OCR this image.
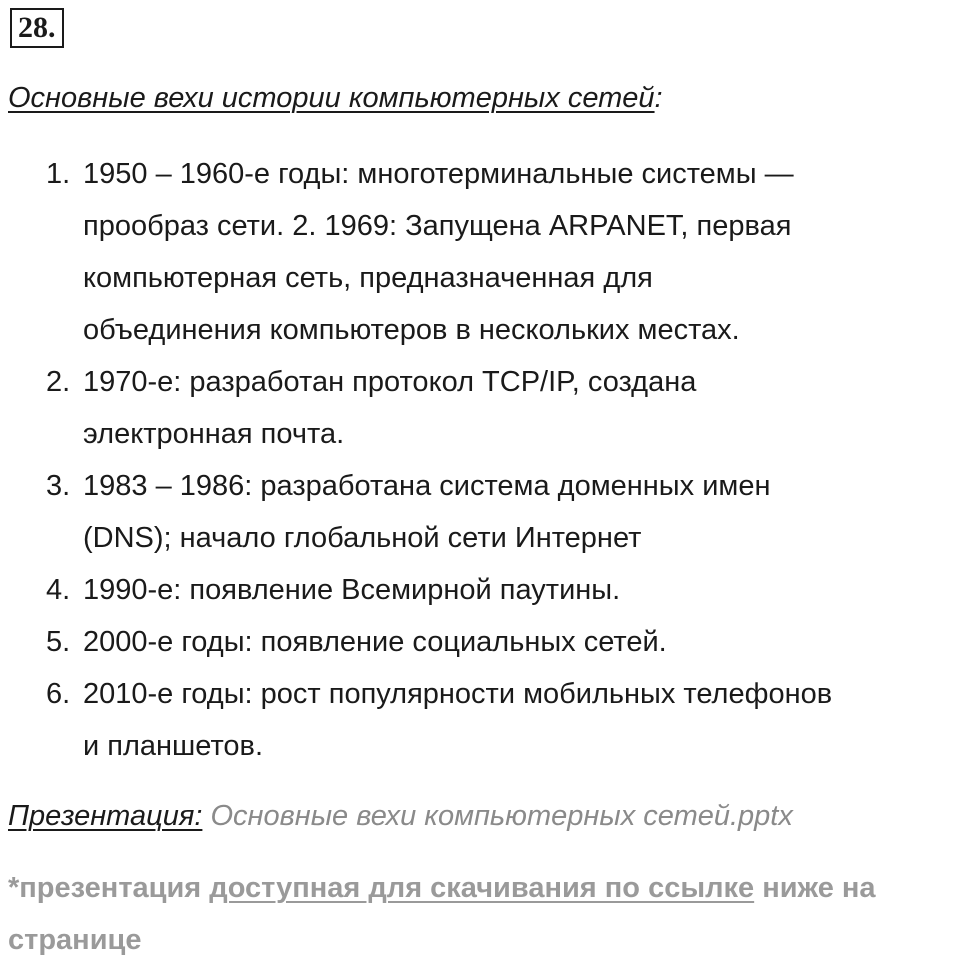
28.
Основные вехи истории компьютерных сетей:
1. 1950 – 1960-е годы: многотерминальные системы —
прообраз сети. 2. 1969: Запущена ARPANET, первая
компьютерная сеть, предназначенная для
объединения компьютеров в нескольких местах.
2. 1970-е: разработан протокол TCP/IP, создана
электронная почта.
3. 1983 – 1986: разработана система доменных имен
(DNS); начало глобальной сети Интернет
4. 1990-е: появление Всемирной паутины.
5. 2000-е годы: появление социальных сетей.
6. 2010-е годы: рост популярности мобильных телефонов
и планшетов.
Презентация: Основные вехи компьютерных сетей.pptx
*презентация доступная для скачивания по ссылке ниже на странице
